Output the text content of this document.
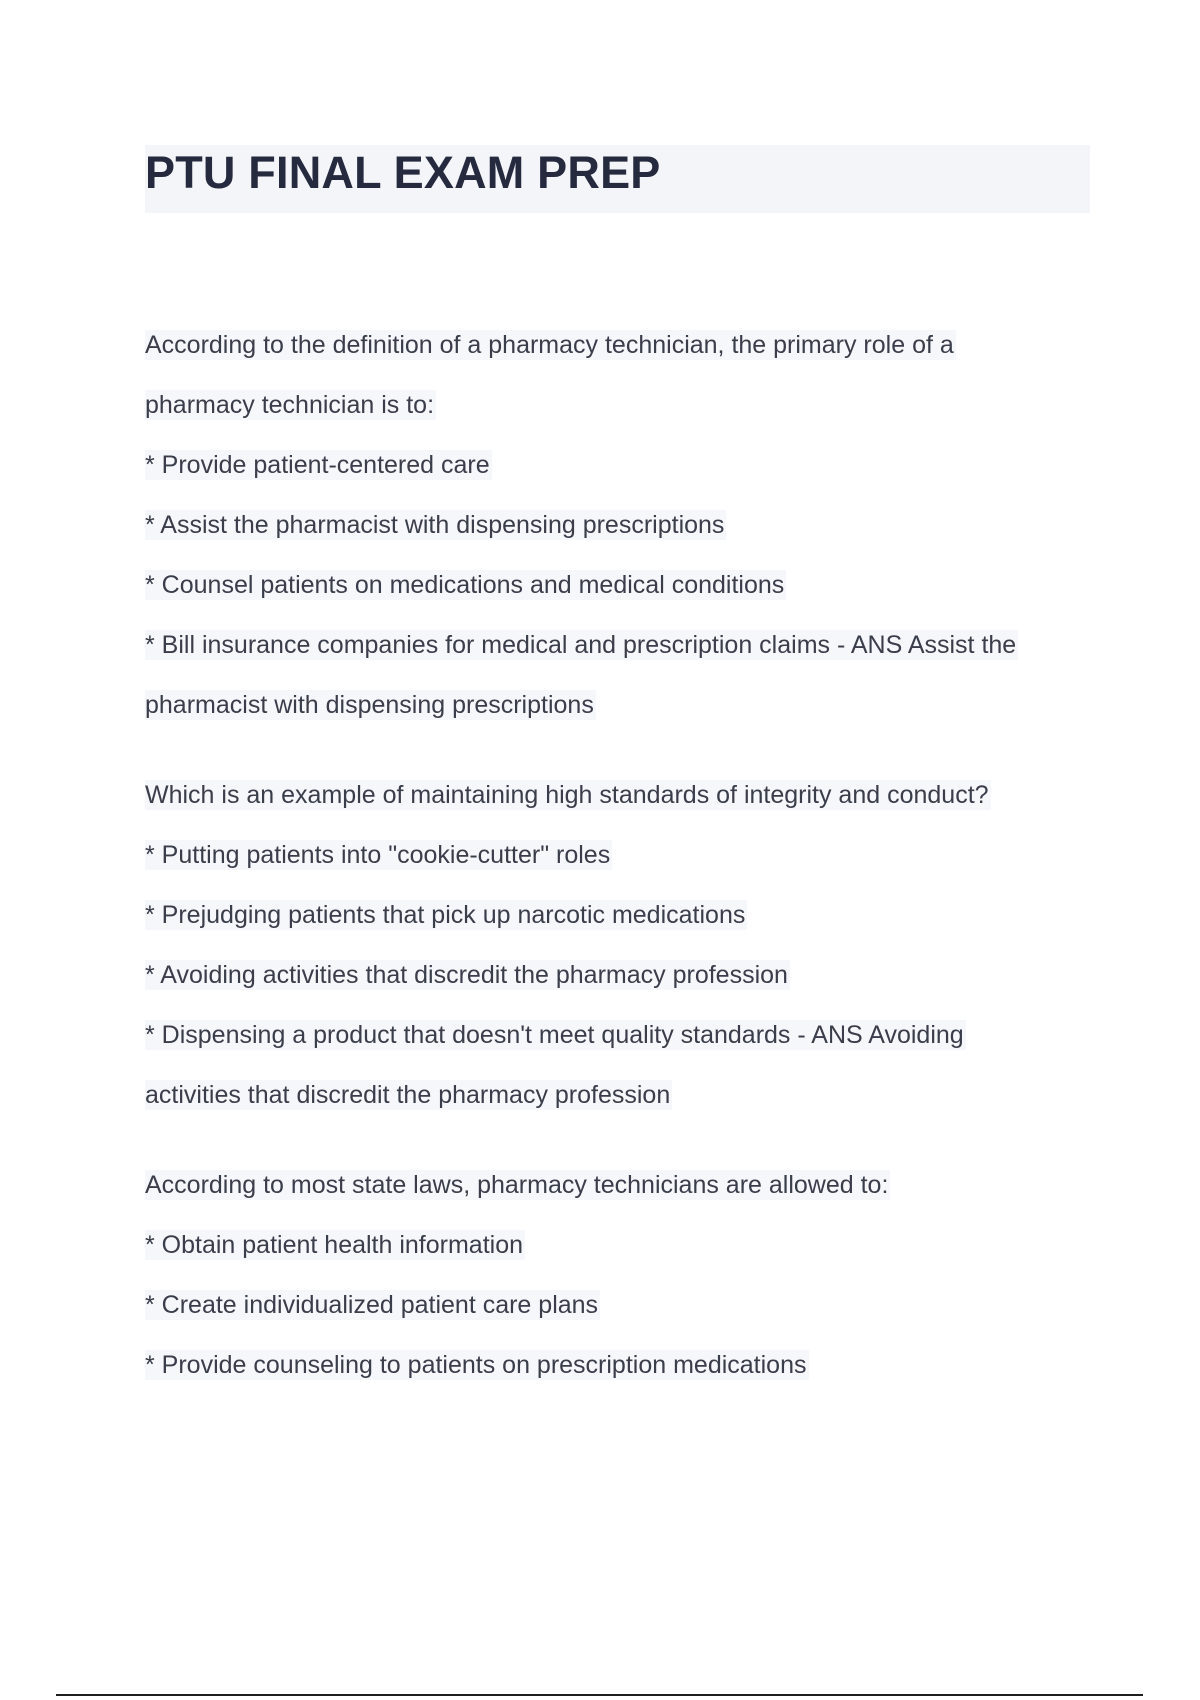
PTU FINAL EXAM PREP
According to the definition of a pharmacy technician, the primary role of a
pharmacy technician is to:
* Provide patient-centered care
* Assist the pharmacist with dispensing prescriptions
* Counsel patients on medications and medical conditions
* Bill insurance companies for medical and prescription claims - ANS Assist the
pharmacist with dispensing prescriptions
Which is an example of maintaining high standards of integrity and conduct?
* Putting patients into "cookie-cutter" roles
* Prejudging patients that pick up narcotic medications
* Avoiding activities that discredit the pharmacy profession
* Dispensing a product that doesn't meet quality standards - ANS Avoiding
activities that discredit the pharmacy profession
According to most state laws, pharmacy technicians are allowed to:
* Obtain patient health information
* Create individualized patient care plans
* Provide counseling to patients on prescription medications
